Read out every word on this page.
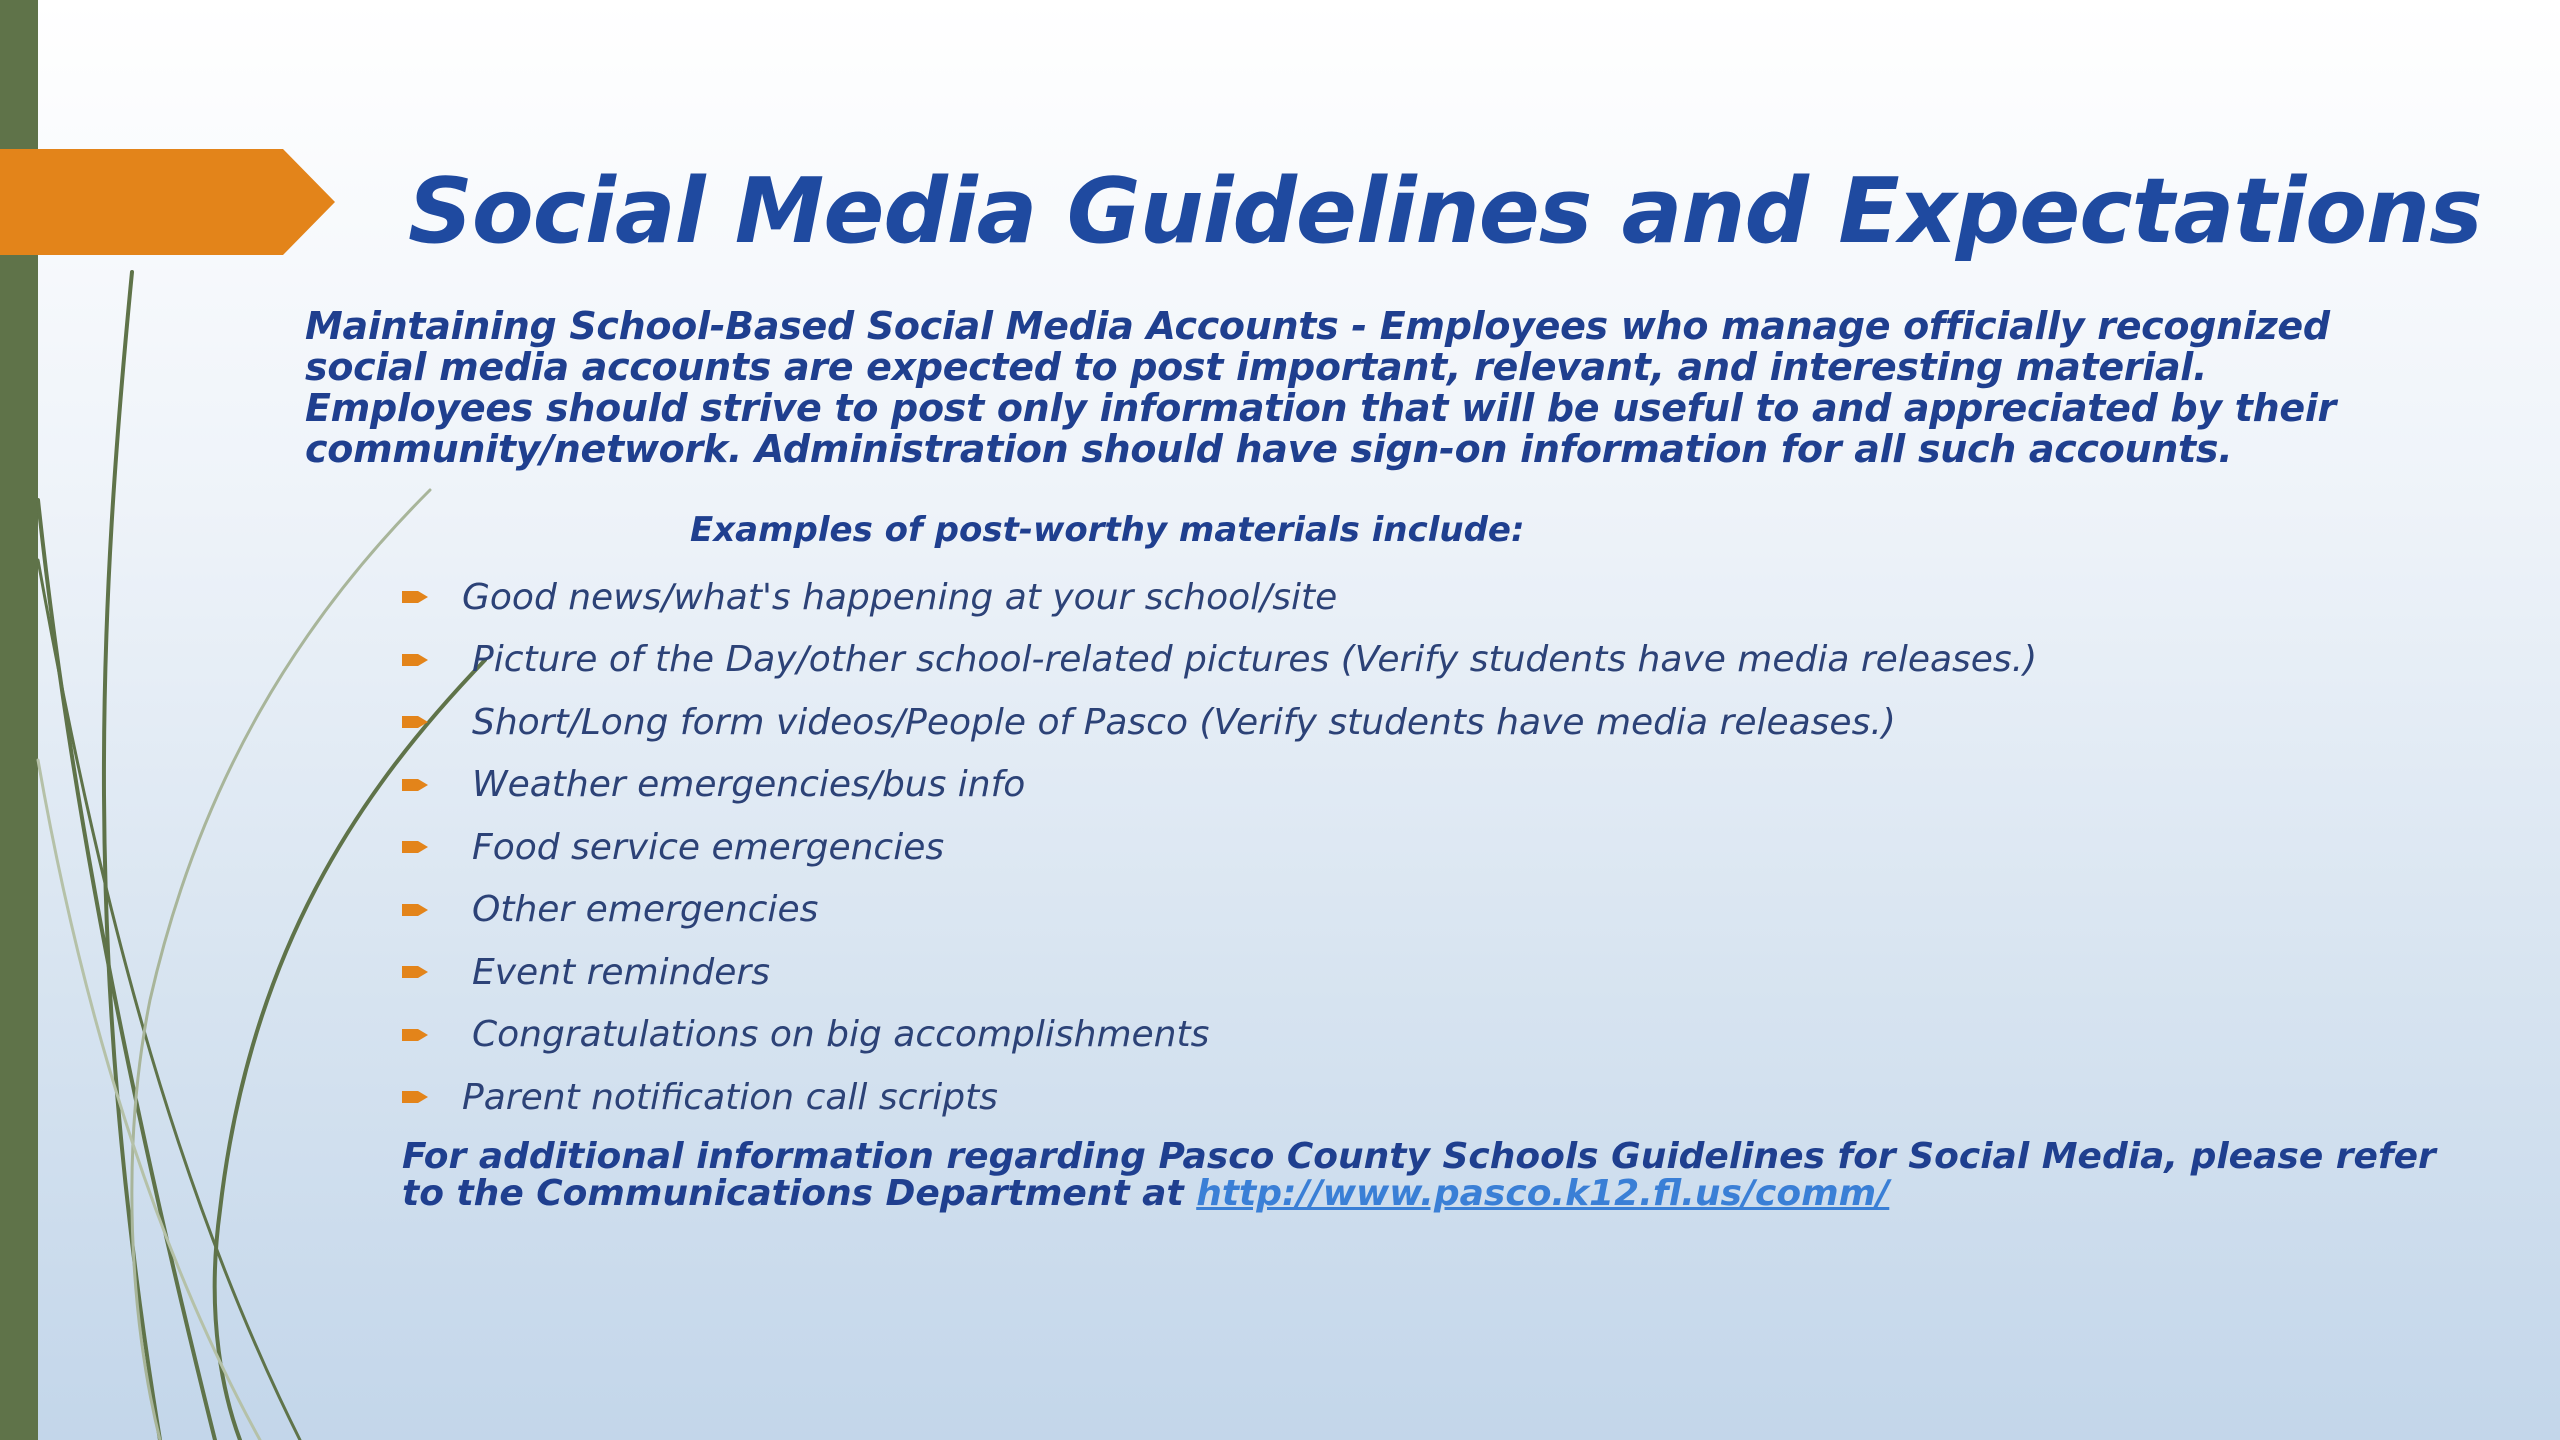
Social Media Guidelines and Expectations

Maintaining School-Based Social Media Accounts - Employees who manage officially recognized social media accounts are expected to post important, relevant, and interesting material. Employees should strive to post only information that will be useful to and appreciated by their community/network. Administration should have sign-on information for all such accounts.

Examples of post-worthy materials include:

Good news/what's happening at your school/site
Picture of the Day/other school-related pictures (Verify students have media releases.)
Short/Long form videos/People of Pasco (Verify students have media releases.)
Weather emergencies/bus info
Food service emergencies
Other emergencies
Event reminders
Congratulations on big accomplishments
Parent notification call scripts

For additional information regarding Pasco County Schools Guidelines for Social Media, please refer to the Communications Department at http://www.pasco.k12.fl.us/comm/
